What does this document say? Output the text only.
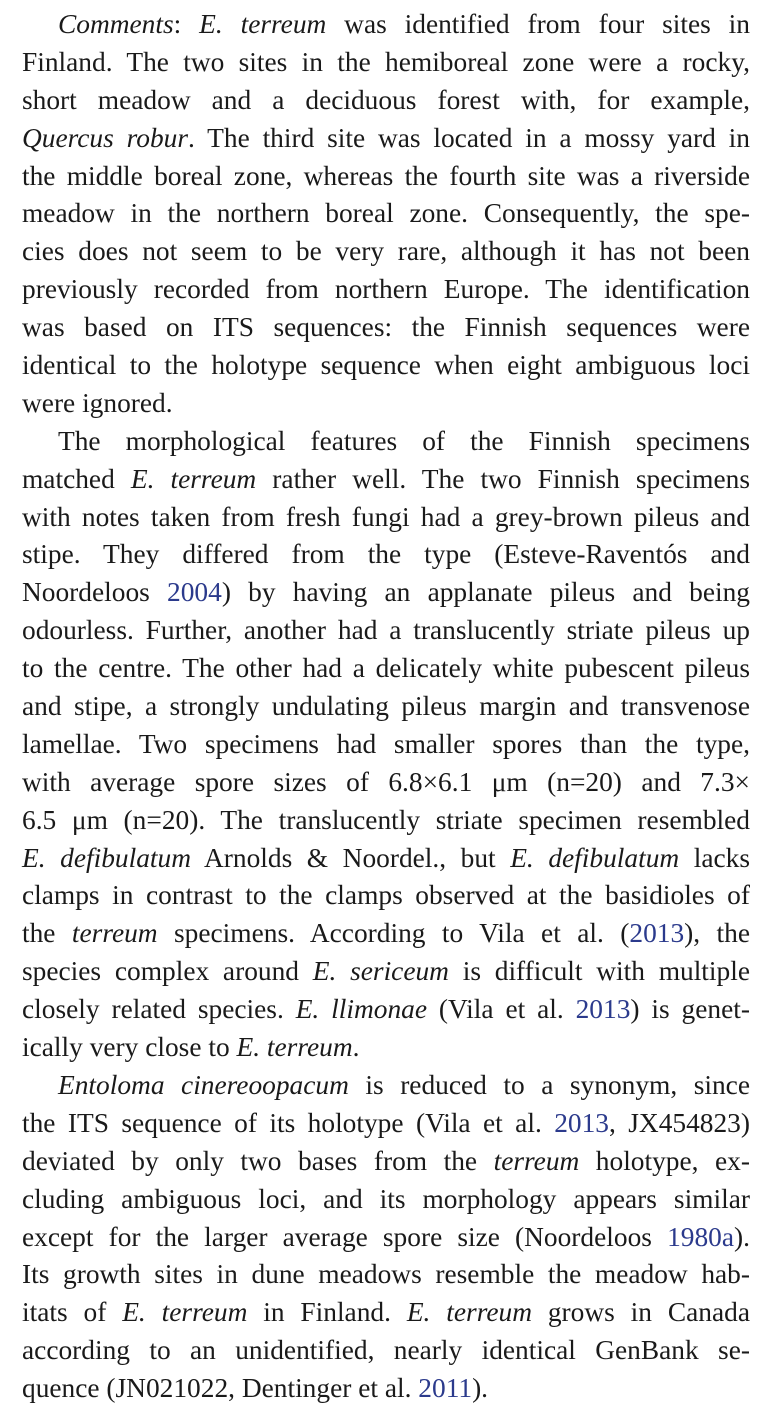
Comments: E. terreum was identified from four sites in
Finland. The two sites in the hemiboreal zone were a rocky,
short meadow and a deciduous forest with, for example,
Quercus robur. The third site was located in a mossy yard in
the middle boreal zone, whereas the fourth site was a riverside
meadow in the northern boreal zone. Consequently, the spe-
cies does not seem to be very rare, although it has not been
previously recorded from northern Europe. The identification
was based on ITS sequences: the Finnish sequences were
identical to the holotype sequence when eight ambiguous loci
were ignored.
The morphological features of the Finnish specimens
matched E. terreum rather well. The two Finnish specimens
with notes taken from fresh fungi had a grey-brown pileus and
stipe. They differed from the type (Esteve-Raventós and
Noordeloos 2004) by having an applanate pileus and being
odourless. Further, another had a translucently striate pileus up
to the centre. The other had a delicately white pubescent pileus
and stipe, a strongly undulating pileus margin and transvenose
lamellae. Two specimens had smaller spores than the type,
with average spore sizes of 6.8×6.1 μm (n=20) and 7.3×
6.5 μm (n=20). The translucently striate specimen resembled
E. defibulatum Arnolds & Noordel., but E. defibulatum lacks
clamps in contrast to the clamps observed at the basidioles of
the terreum specimens. According to Vila et al. (2013), the
species complex around E. sericeum is difficult with multiple
closely related species. E. llimonae (Vila et al. 2013) is genet-
ically very close to E. terreum.
Entoloma cinereoopacum is reduced to a synonym, since
the ITS sequence of its holotype (Vila et al. 2013, JX454823)
deviated by only two bases from the terreum holotype, ex-
cluding ambiguous loci, and its morphology appears similar
except for the larger average spore size (Noordeloos 1980a).
Its growth sites in dune meadows resemble the meadow hab-
itats of E. terreum in Finland. E. terreum grows in Canada
according to an unidentified, nearly identical GenBank se-
quence (JN021022, Dentinger et al. 2011).
